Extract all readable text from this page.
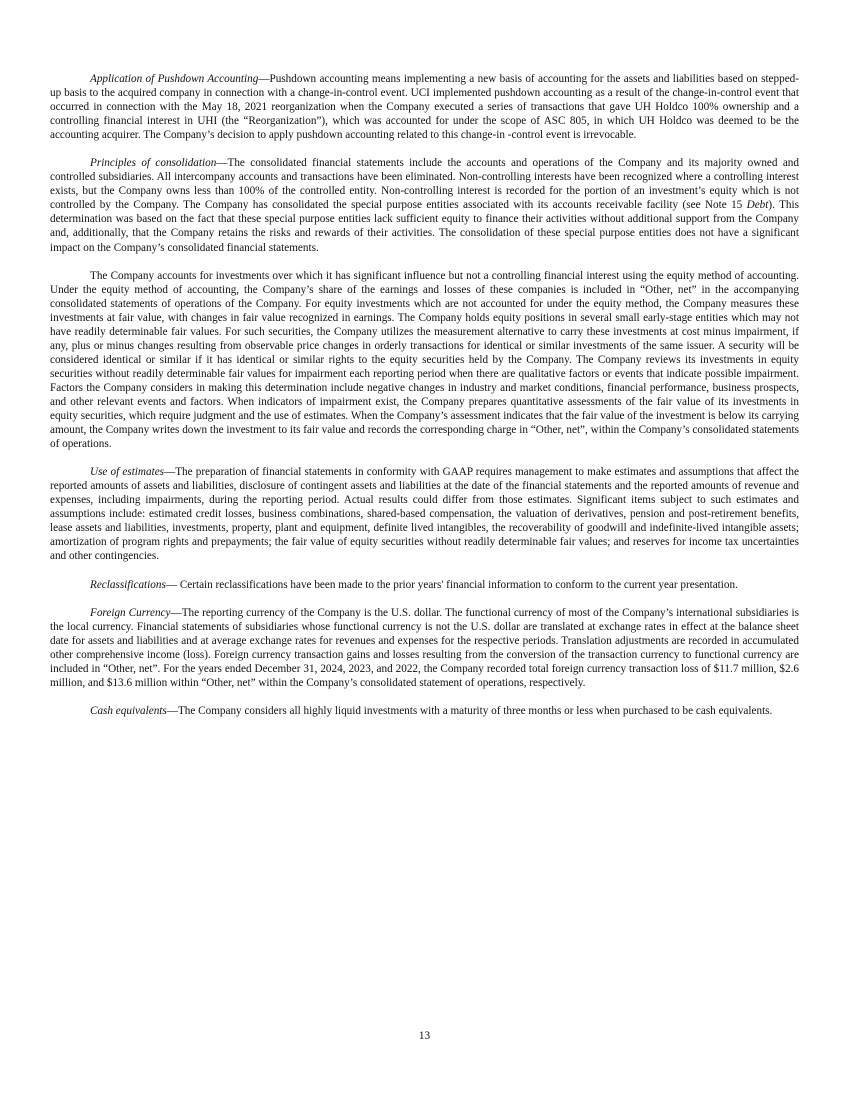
Application of Pushdown Accounting—Pushdown accounting means implementing a new basis of accounting for the assets and liabilities based on stepped-up basis to the acquired company in connection with a change-in-control event. UCI implemented pushdown accounting as a result of the change-in-control event that occurred in connection with the May 18, 2021 reorganization when the Company executed a series of transactions that gave UH Holdco 100% ownership and a controlling financial interest in UHI (the “Reorganization”), which was accounted for under the scope of ASC 805, in which UH Holdco was deemed to be the accounting acquirer. The Company’s decision to apply pushdown accounting related to this change-in -control event is irrevocable.

Principles of consolidation—The consolidated financial statements include the accounts and operations of the Company and its majority owned and controlled subsidiaries. All intercompany accounts and transactions have been eliminated. Non-controlling interests have been recognized where a controlling interest exists, but the Company owns less than 100% of the controlled entity. Non-controlling interest is recorded for the portion of an investment’s equity which is not controlled by the Company. The Company has consolidated the special purpose entities associated with its accounts receivable facility (see Note 15 Debt). This determination was based on the fact that these special purpose entities lack sufficient equity to finance their activities without additional support from the Company and, additionally, that the Company retains the risks and rewards of their activities. The consolidation of these special purpose entities does not have a significant impact on the Company’s consolidated financial statements.

The Company accounts for investments over which it has significant influence but not a controlling financial interest using the equity method of accounting. Under the equity method of accounting, the Company’s share of the earnings and losses of these companies is included in “Other, net” in the accompanying consolidated statements of operations of the Company. For equity investments which are not accounted for under the equity method, the Company measures these investments at fair value, with changes in fair value recognized in earnings. The Company holds equity positions in several small early-stage entities which may not have readily determinable fair values. For such securities, the Company utilizes the measurement alternative to carry these investments at cost minus impairment, if any, plus or minus changes resulting from observable price changes in orderly transactions for identical or similar investments of the same issuer. A security will be considered identical or similar if it has identical or similar rights to the equity securities held by the Company. The Company reviews its investments in equity securities without readily determinable fair values for impairment each reporting period when there are qualitative factors or events that indicate possible impairment. Factors the Company considers in making this determination include negative changes in industry and market conditions, financial performance, business prospects, and other relevant events and factors. When indicators of impairment exist, the Company prepares quantitative assessments of the fair value of its investments in equity securities, which require judgment and the use of estimates. When the Company’s assessment indicates that the fair value of the investment is below its carrying amount, the Company writes down the investment to its fair value and records the corresponding charge in “Other, net”, within the Company’s consolidated statements of operations.

Use of estimates—The preparation of financial statements in conformity with GAAP requires management to make estimates and assumptions that affect the reported amounts of assets and liabilities, disclosure of contingent assets and liabilities at the date of the financial statements and the reported amounts of revenue and expenses, including impairments, during the reporting period. Actual results could differ from those estimates. Significant items subject to such estimates and assumptions include: estimated credit losses, business combinations, shared-based compensation, the valuation of derivatives, pension and post-retirement benefits, lease assets and liabilities, investments, property, plant and equipment, definite lived intangibles, the recoverability of goodwill and indefinite-lived intangible assets; amortization of program rights and prepayments; the fair value of equity securities without readily determinable fair values; and reserves for income tax uncertainties and other contingencies.

Reclassifications— Certain reclassifications have been made to the prior years' financial information to conform to the current year presentation.

Foreign Currency—The reporting currency of the Company is the U.S. dollar. The functional currency of most of the Company’s international subsidiaries is the local currency. Financial statements of subsidiaries whose functional currency is not the U.S. dollar are translated at exchange rates in effect at the balance sheet date for assets and liabilities and at average exchange rates for revenues and expenses for the respective periods. Translation adjustments are recorded in accumulated other comprehensive income (loss). Foreign currency transaction gains and losses resulting from the conversion of the transaction currency to functional currency are included in “Other, net”. For the years ended December 31, 2024, 2023, and 2022, the Company recorded total foreign currency transaction loss of $11.7 million, $2.6 million, and $13.6 million within “Other, net” within the Company’s consolidated statement of operations, respectively.

Cash equivalents—The Company considers all highly liquid investments with a maturity of three months or less when purchased to be cash equivalents.

13
